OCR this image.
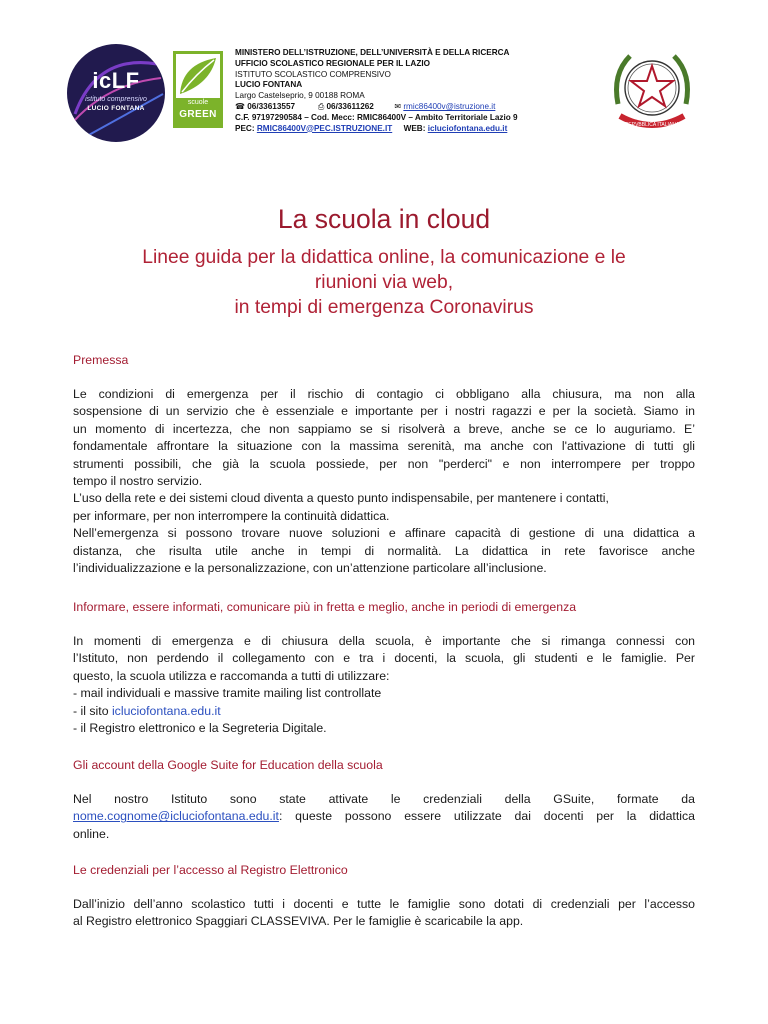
icLF
istituto comprensivo
LUCIO FONTANA
scuole
GREEN
MINISTERO DELL’ISTRUZIONE, DELL’UNIVERSITÀ E DELLA RICERCA
UFFICIO SCOLASTICO REGIONALE PER IL LAZIO
ISTITUTO SCOLASTICO COMPRENSIVO
LUCIO FONTANA
Largo Castelseprio, 9 00188 ROMA
☎ 06/33613557	⎙ 06/33611262	✉ rmic86400v@istruzione.it
C.F. 97197290584 – Cod. Mecc: RMIC86400V – Ambito Territoriale Lazio 9
PEC: RMIC86400V@PEC.ISTRUZIONE.IT WEB: icluciofontana.edu.it	REPVBBLICA ITALIANA
La scuola in cloud
Linee guida per la didattica online, la comunicazione e le
riunioni via web,
in tempi di emergenza Coronavirus
Premessa
Le condizioni di emergenza per il rischio di contagio ci obbligano alla chiusura, ma non alla
sospensione di un servizio che è essenziale e importante per i nostri ragazzi e per la società. Siamo in
un momento di incertezza, che non sappiamo se si risolverà a breve, anche se ce lo auguriamo. E’
fondamentale affrontare la situazione con la massima serenità, ma anche con l'attivazione di tutti gli
strumenti possibili, che già la scuola possiede, per non "perderci" e non interrompere per troppo
tempo il nostro servizio.
L’uso della rete e dei sistemi cloud diventa a questo punto indispensabile, per mantenere i contatti,
per informare, per non interrompere la continuità didattica.
Nell’emergenza si possono trovare nuove soluzioni e affinare capacità di gestione di una didattica a
distanza, che risulta utile anche in tempi di normalità. La didattica in rete favorisce anche
l’individualizzazione e la personalizzazione, con un’attenzione particolare all’inclusione.
Informare, essere informati, comunicare più in fretta e meglio, anche in periodi di emergenza
In momenti di emergenza e di chiusura della scuola, è importante che si rimanga connessi con
l’Istituto, non perdendo il collegamento con e tra i docenti, la scuola, gli studenti e le famiglie. Per
questo, la scuola utilizza e raccomanda a tutti di utilizzare:
- mail individuali e massive tramite mailing list controllate
- il sito icluciofontana.edu.it
- il Registro elettronico e la Segreteria Digitale.
Gli account della Google Suite for Education della scuola
Nel nostro Istituto sono state attivate le credenziali della GSuite, formate da
nome.cognome@icluciofontana.edu.it: queste possono essere utilizzate dai docenti per la didattica
online.
Le credenziali per l’accesso al Registro Elettronico
Dall’inizio dell’anno scolastico tutti i docenti e tutte le famiglie sono dotati di credenziali per l’accesso
al Registro elettronico Spaggiari CLASSEVIVA. Per le famiglie è scaricabile la app.
